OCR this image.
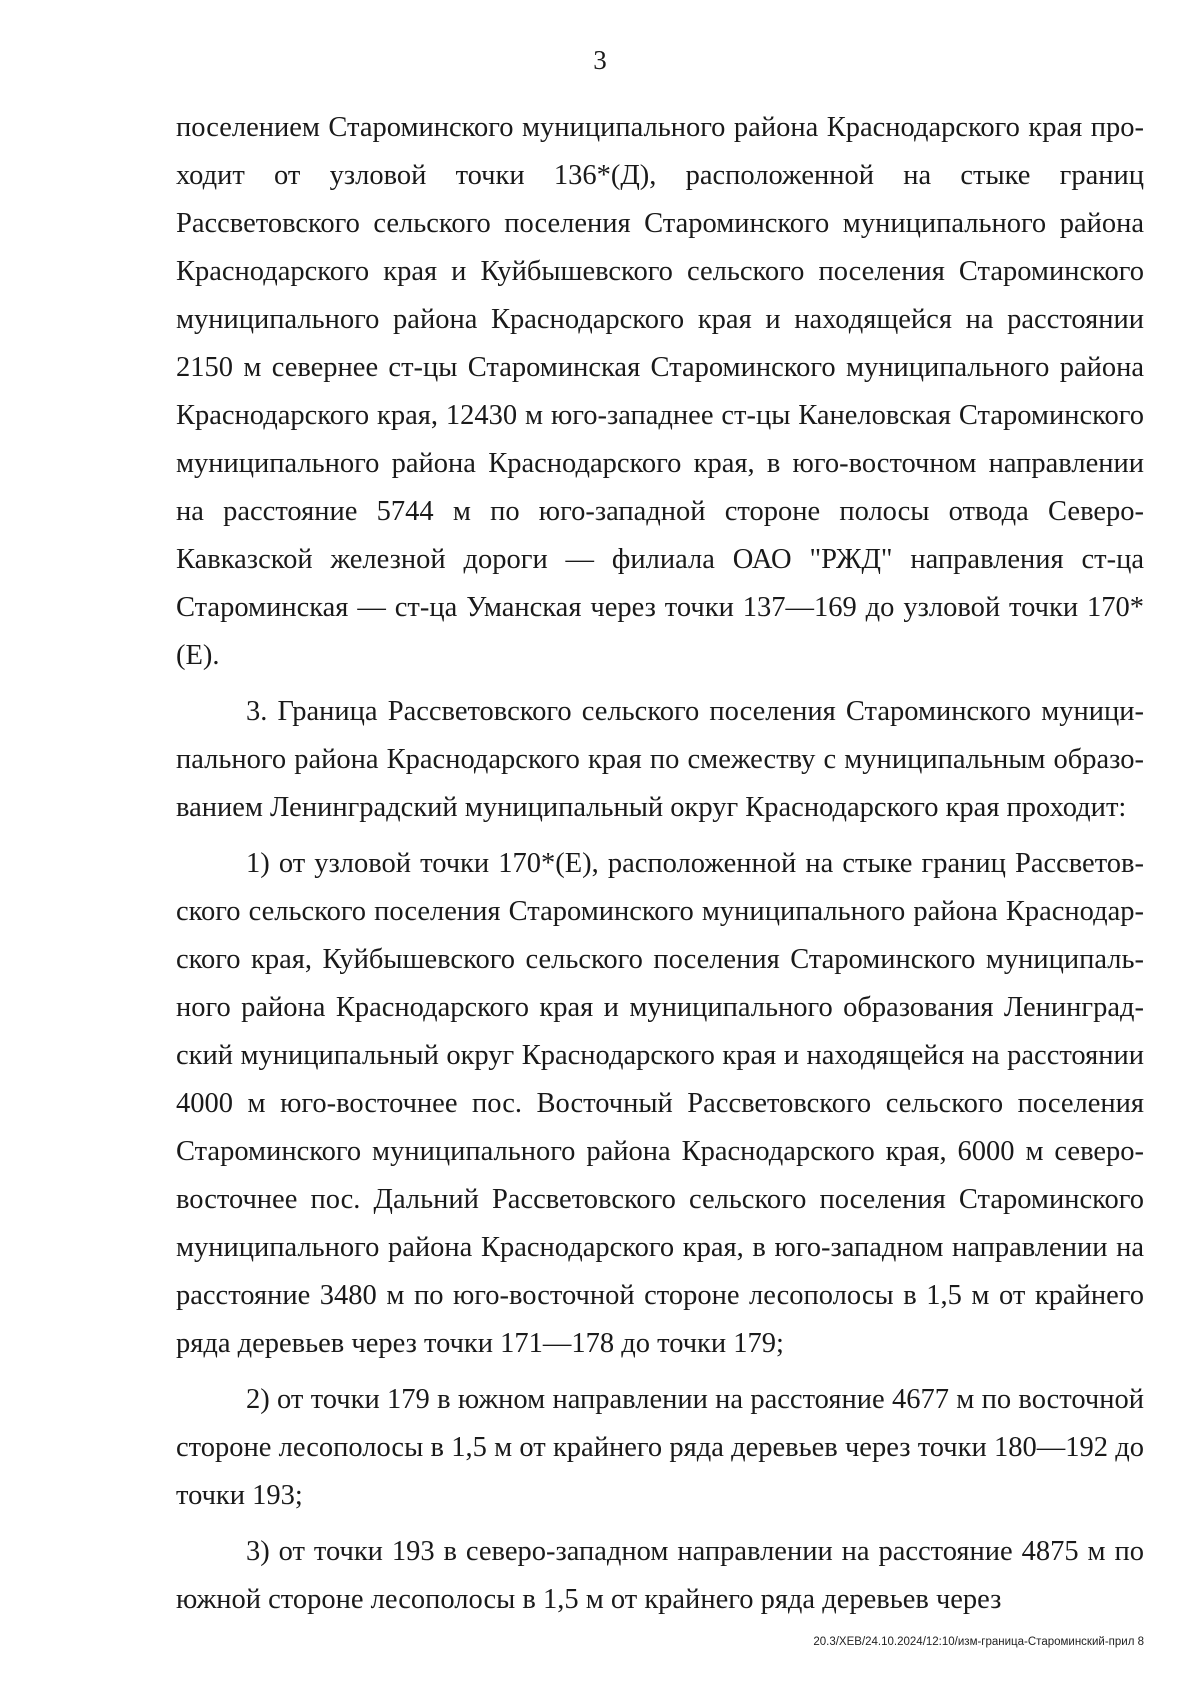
3

поселением Староминского муниципального района Краснодарского края проходит от узловой точки 136*(Д), расположенной на стыке границ Рассветовского сельского поселения Староминского муниципального района Краснодарского края и Куйбышевского сельского поселения Староминского муниципального района Краснодарского края и находящейся на расстоянии 2150 м севернее ст-цы Староминская Староминского муниципального района Краснодарского края, 12430 м юго-западнее ст-цы Канеловская Староминского муниципального района Краснодарского края, в юго-восточном направлении на расстояние 5744 м по юго-западной стороне полосы отвода Северо-Кавказской железной дороги — филиала ОАО "РЖД" направления ст-ца Староминская — ст-ца Уманская через точки 137—169 до узловой точки 170*(Е).

3. Граница Рассветовского сельского поселения Староминского муниципального района Краснодарского края по смежеству с муниципальным образованием Ленинградский муниципальный округ Краснодарского края проходит:

1) от узловой точки 170*(Е), расположенной на стыке границ Рассветовского сельского поселения Староминского муниципального района Краснодарского края, Куйбышевского сельского поселения Староминского муниципального района Краснодарского края и муниципального образования Ленинградский муниципальный округ Краснодарского края и находящейся на расстоянии 4000 м юго-восточнее пос. Восточный Рассветовского сельского поселения Староминского муниципального района Краснодарского края, 6000 м северо-восточнее пос. Дальний Рассветовского сельского поселения Староминского муниципального района Краснодарского края, в юго-западном направлении на расстояние 3480 м по юго-восточной стороне лесополосы в 1,5 м от крайнего ряда деревьев через точки 171—178 до точки 179;

2) от точки 179 в южном направлении на расстояние 4677 м по восточной стороне лесополосы в 1,5 м от крайнего ряда деревьев через точки 180—192 до точки 193;

3) от точки 193 в северо-западном направлении на расстояние 4875 м по южной стороне лесополосы в 1,5 м от крайнего ряда деревьев через

20.3/ХЕВ/24.10.2024/12:10/изм-граница-Староминский-прил 8
